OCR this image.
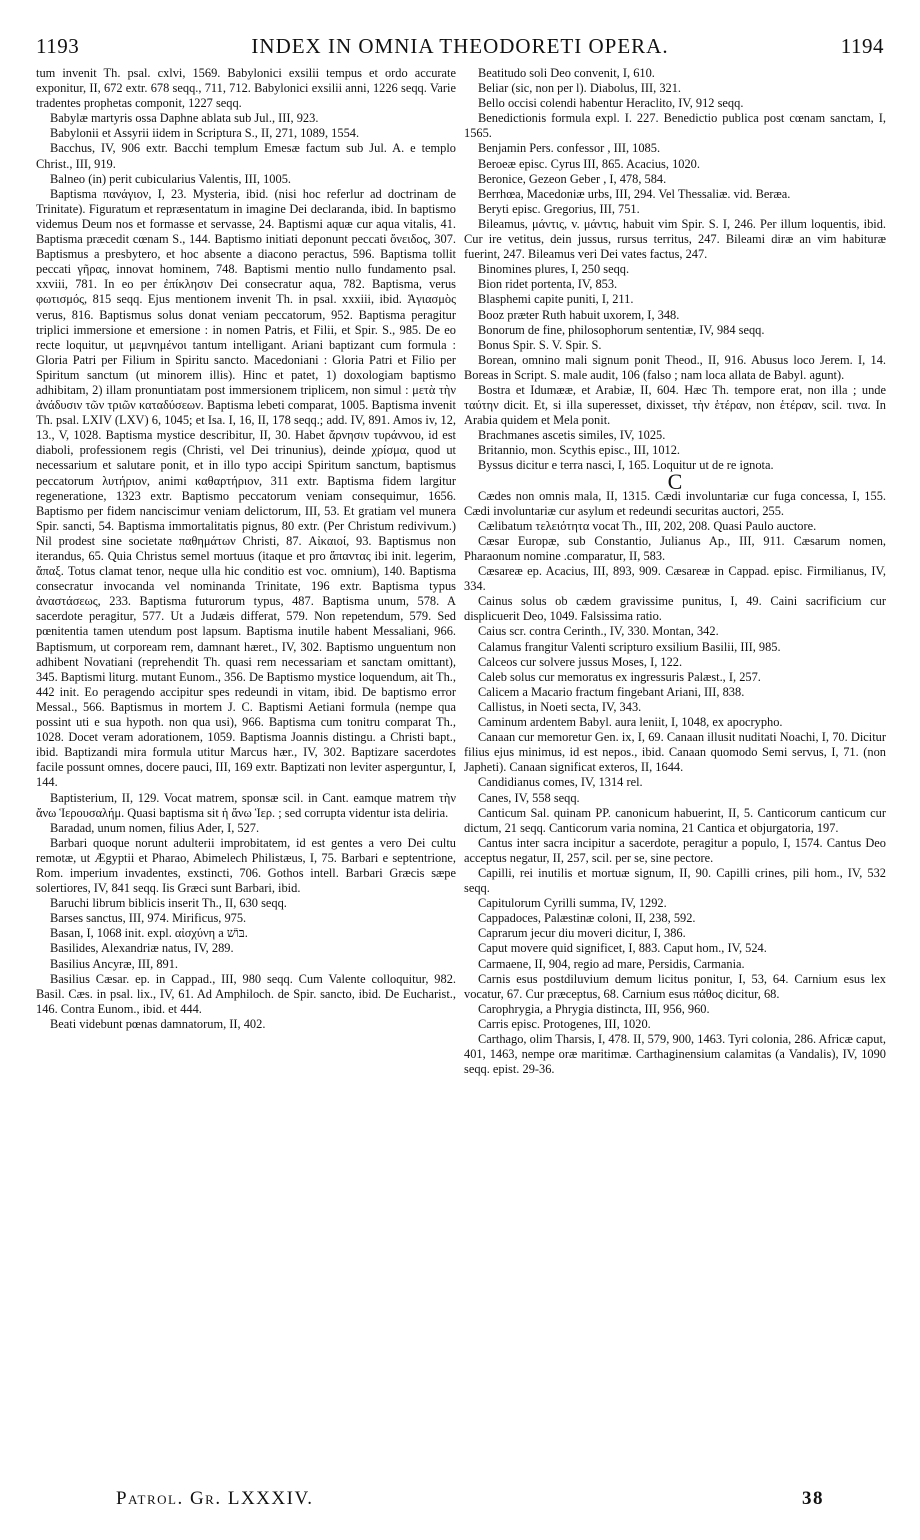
1193	INDEX IN OMNIA THEODORETI OPERA.	1194

tum invenit Th. psal. cxlvi, 1569. Babylonici exsilii tempus et ordo accurate exponitur, II, 672 extr. 678 seqq., 711, 712. Babylonici exsilii anni, 1226 seqq. Varie tradentes prophetas componit, 1227 seqq.

Babylæ martyris ossa Daphne ablata sub Jul., III, 923.

Babylonii et Assyrii iidem in Scriptura S., II, 271, 1089, 1554.

Bacchus, IV, 906 extr. Bacchi templum Emesæ factum sub Jul. A. e templo Christ., III, 919.

Balneo (in) perit cubicularius Valentis, III, 1005.

Baptisma πανάγιον, I, 23. Mysteria, ibid. (nisi hoc referlur ad doctrinam de Trinitate). Figuratum et repræsentatum in imagine Dei declaranda, ibid. In baptismo videmus Deum nos et formasse et servasse, 24. Baptismi aquæ cur aqua vitalis, 41. Baptisma præcedit cœnam S., 144. Baptismo initiati deponunt peccati ὄνειδος, 307. Baptismus a presbytero, et hoc absente a diacono peractus, 596. Baptisma tollit peccati γῆρας, innovat hominem, 748. Baptismi mentio nullo fundamento psal. xxviii, 781. In eo per ἐπίκλησιν Dei consecratur aqua, 782. Baptisma, verus φωτισμός, 815 seqq. Ejus mentionem invenit Th. in psal. xxxiii, ibid. Ἁγιασμὸς verus, 816. Baptismus solus donat veniam peccatorum, 952. Baptisma peragitur triplici immersione et emersione : in nomen Patris, et Filii, et Spir. S., 985. De eo recte loquitur, ut μεμνημένοι tantum intelligant. Ariani baptizant cum formula : Gloria Patri per Filium in Spiritu sancto. Macedoniani : Gloria Patri et Filio per Spiritum sanctum (ut minorem illis). Hinc et patet, 1) doxologiam baptismo adhibitam, 2) illam pronuntiatam post immersionem triplicem, non simul : μετὰ τὴν ἀνάδυσιν τῶν τριῶν καταδύσεων. Baptisma lebeti comparat, 1005. Baptisma invenit Th. psal. LXIV (LXV) 6, 1045; et Isa. I, 16, II, 178 seqq.; add. IV, 891. Amos iv, 12, 13., V, 1028. Baptisma mystice describitur, II, 30. Habet ἄρνησιν τυράννου, id est diaboli, professionem regis (Christi, vel Dei trinunius), deinde χρίσμα, quod ut necessarium et salutare ponit, et in illo typo accipi Spiritum sanctum, baptismus peccatorum λυτήριον, animi καθαρτήριον, 311 extr. Baptisma fidem largitur regenerationе, 1323 extr. Baptismo peccatorum veniam consequimur, 1656. Baptismo per fidem nanciscimur veniam delictorum, III, 53. Et gratiam vel munera Spir. sancti, 54. Baptisma immortalitatis pignus, 80 extr. (Per Christum redivivum.) Nil prodest sine societate παθημάτων Christi, 87. Αἰκαιοί, 93. Baptismus non iterandus, 65. Quia Christus semel mortuus (itaque et pro ἅπαντας ibi init. legerim, ἅπαξ. Totus clamat tenor, neque ulla hic conditio est voc. omnium), 140. Baptisma consecratur invocanda vel nominanda Trinitate, 196 extr. Baptisma typus ἀναστάσεως, 233. Baptisma futurorum typus, 487. Baptisma unum, 578. A sacerdote peragitur, 577. Ut a Judæis differat, 579. Non repetendum, 579. Sed pœnitentia tamen utendum post lapsum. Baptisma inutile habent Messaliani, 966. Baptismum, ut corpoream rem, damnant hæret., IV, 302. Baptismo unguentum non adhibent Novatiani (reprehendit Th. quasi rem necessariam et sanctam omittant), 345. Baptismi liturg. mutant Eunom., 356. De Baptismo mystice loquendum, ait Th., 442 init. Eo peragendo accipitur spes redeundi in vitam, ibid. De baptismo error Messal., 566. Baptismus in mortem J. C. Baptismi Aetiani formula (nempe qua possint uti e sua hypoth. non qua usi), 966. Baptisma cum tonitru comparat Th., 1028. Docet veram adorationem, 1059. Baptisma Joannis distingu. a Christi bapt., ibid. Baptizandi mira formula utitur Marcus hær., IV, 302. Baptizare sacerdotes facile possunt omnes, docere pauci, III, 169 extr. Baptizati non leviter asperguntur, I, 144.

Baptisterium, II, 129. Vocat matrem, sponsæ scil. in Cant. eamque matrem τὴν ἄνω Ἱερουσαλήμ. Quasi baptisma sit ἡ ἄνω Ἱερ. ; sed corrupta videntur ista deliria.

Baradad, unum nomen, filius Ader, I, 527.

Barbari quoque norunt adulterii improbitatem, id est gentes a vero Dei cultu remotæ, ut Ægyptii et Pharao, Abimelech Philistæus, I, 75. Barbari e septentrione, Rom. imperium invadentes, exstincti, 706. Gothos intell. Barbari Græcis sæpe solertiores, IV, 841 seqq. Iis Græci sunt Barbari, ibid.

Baruchi librum biblicis inserit Th., II, 630 seqq.

Barses sanctus, III, 974. Mirificus, 975.

Basan, I, 1068 init. expl. αἰσχύνη a בּוֹשׁ.

Basilides, Alexandriæ natus, IV, 289.

Basilius Ancyræ, III, 891.

Basilius Cæsar. ep. in Cappad., III, 980 seqq. Cum Valente colloquitur, 982. Basil. Cæs. in psal. lix., IV, 61. Ad Amphiloch. de Spir. sancto, ibid. De Eucharist., 146. Contra Eunom., ibid. et 444.

Beati videbunt pœnas damnatorum, II, 402.

Beatitudo soli Deo convenit, I, 610.

Beliar (sic, non per l). Diabolus, III, 321.

Bello occisi colendi habentur Heraclito, IV, 912 seqq.

Benedictionis formula expl. I. 227. Benedictio publica post cœnam sanctam, I, 1565.

Benjamin Pers. confessor , III, 1085.

Beroeæ episc. Cyrus III, 865. Acacius, 1020.

Beronice, Gezeon Geber , I, 478, 584.

Berrhœa, Macedoniæ urbs, III, 294. Vel Thessaliæ. vid. Beræa.

Beryti episc. Gregorius, III, 751.

Bileamus, μάντις, v. μάντις, habuit vim Spir. S. I, 246. Per illum loquentis, ibid. Cur ire vetitus, dein jussus, rursus territus, 247. Bileami diræ an vim habituræ fuerint, 247. Bileamus veri Dei vates factus, 247.

Binomines plures, I, 250 seqq.

Bion ridet portenta, IV, 853.

Blasphemi capite puniti, I, 211.

Booz præter Ruth habuit uxorem, I, 348.

Bonorum de fine, philosophorum sententiæ, IV, 984 seqq.

Bonus Spir. S. V. Spir. S.

Borean, omnino mali signum ponit Theod., II, 916. Abusus loco Jerem. I, 14. Boreas in Script. S. male audit, 106 (falso ; nam loca allata de Babyl. agunt).

Bostra et Idumææ, et Arabiæ, II, 604. Hæc Th. tempore erat, non illa ; unde ταύτην dicit. Et, si illa superesset, dixisset, τὴν ἑτέραν, non ἑτέραν, scil. τινα. In Arabia quidem et Mela ponit.

Brachmanes ascetis similes, IV, 1025.

Britannio, mon. Scythis episc., III, 1012.

Byssus dicitur e terra nasci, I, 165. Loquitur ut de re ignota.

C

Cædes non omnis mala, II, 1315. Cædi involuntariæ cur fuga concessa, I, 155. Cædi involuntariæ cur asylum et redeundi securitas auctori, 255.

Cælibatum τελειότητα vocat Th., III, 202, 208. Quasi Paulo auctore.

Cæsar Europæ, sub Constantio, Julianus Ap., III, 911. Cæsarum nomen, Pharaonum nomine .comparatur, II, 583.

Cæsareæ ep. Acacius, III, 893, 909. Cæsareæ in Cappad. episc. Firmilianus, IV, 334.

Cainus solus ob cædem gravissime punitus, I, 49. Caini sacrificium cur displicuerit Deo, 1049. Falsissima ratio.

Caius scr. contra Cerinth., IV, 330. Montan, 342.

Calamus frangitur Valenti scripturo exsilium Basilii, III, 985.

Calceos cur solvere jussus Moses, I, 122.

Caleb solus cur memoratus ex ingressuris Palæst., I, 257.

Calicem a Macario fractum fingebant Ariani, III, 838.

Callistus, in Noeti secta, IV, 343.

Caminum ardentem Babyl. aura leniit, I, 1048, ex apocrypho.

Canaan cur memoretur Gen. ix, I, 69. Canaan illusit nuditati Noachi, I, 70. Dicitur filius ejus minimus, id est nepos., ibid. Canaan quomodo Semi servus, I, 71. (non Japheti). Canaan significat exteros, II, 1644.

Candidianus comes, IV, 1314 rel.

Canes, IV, 558 seqq.

Canticum Sal. quinam PP. canonicum habuerint, II, 5. Canticorum canticum cur dictum, 21 seqq. Canticorum varia nomina, 21 Cantica et objurgatoria, 197.

Cantus inter sacra incipitur a sacerdote, peragitur a populo, I, 1574. Cantus Deo acceptus negatur, II, 257, scil. per se, sine pectore.

Capilli, rei inutilis et mortuæ signum, II, 90. Capilli crines, pili hom., IV, 532 seqq.

Capitulorum Cyrilli summa, IV, 1292.

Cappadoces, Palæstinæ coloni, II, 238, 592.

Caprarum jecur diu moveri dicitur, I, 386.

Caput movere quid significet, I, 883. Caput hom., IV, 524.

Carmaene, II, 904, regio ad mare, Persidis, Carmania.

Carnis esus postdiluvium demum licitus ponitur, I, 53, 64. Carnium esus lex vocatur, 67. Cur præceptus, 68. Carnium esus πάθος dicitur, 68.

Carophrygia, a Phrygia distincta, III, 956, 960.

Carris episc. Protogenes, III, 1020.

Carthago, olim Tharsis, I, 478. II, 579, 900, 1463. Tyri colonia, 286. Africæ caput, 401, 1463, nempe oræ maritimæ. Carthaginensium calamitas (a Vandalis), IV, 1090 seqq. epist. 29-36.

Patrol. Gr. LXXXIV.	38
